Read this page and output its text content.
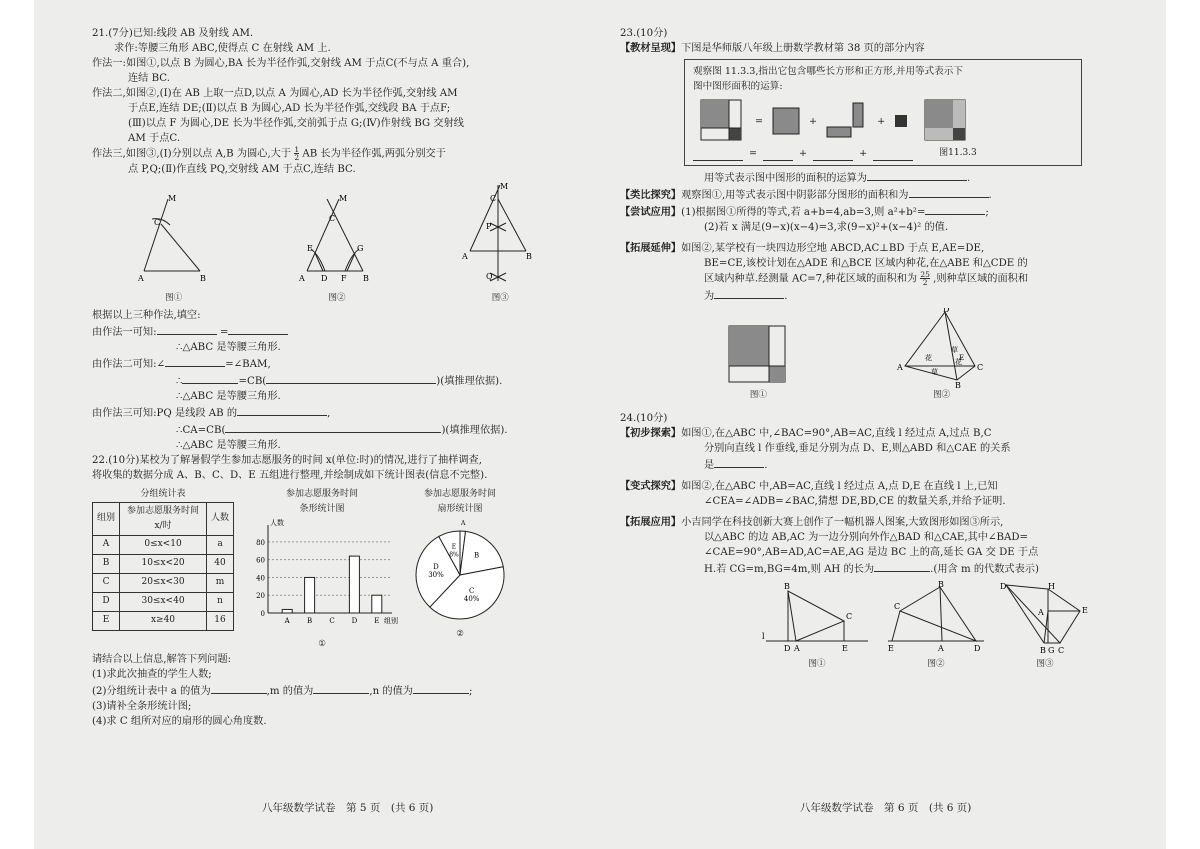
21.(7分)已知:线段 AB 及射线 AM.
求作:等腰三角形 ABC,使得点 C 在射线 AM 上.
作法一:如图①,以点 B 为圆心,BA 长为半径作弧,交射线 AM 于点C(不与点 A 重合),
连结 BC.
作法二,如图②,(Ⅰ)在 AB 上取一点D,以点 A 为圆心,AD 长为半径作弧,交射线 AM
于点E,连结 DE;(Ⅱ)以点 B 为圆心,AD 长为半径作弧,交线段 BA 于点F;
(Ⅲ)以点 F 为圆心,DE 长为半径作弧,交前弧于点 G;(Ⅳ)作射线 BG 交射线
AM 于点C.
作法三,如图③,(Ⅰ)分别以点 A,B 为圆心,大于 $\frac{1}{2}$ AB 长为半径作弧,两弧分别交于
点 P,Q;(Ⅱ)作直线 PQ,交射线 AM 于点C,连结 BC.
A	B
C
M
图①
A D F B
E	G
C
M
图②
A	B
C
M
P
Q
图③
根据以上三种作法,填空:
由作法一可知:	=
∴△ABC 是等腰三角形.
由作法二可知:∠	=∠BAM,
∴	=CB(	)(填推理依据).
∴△ABC 是等腰三角形.
由作法三可知:PQ 是线段 AB 的	,
∴CA=CB(	)(填推理依据).
∴△ABC 是等腰三角形.
22.(10分)某校为了解暑假学生参加志愿服务的时间 x(单位:时)的情况,进行了抽样调查,
将收集的数据分成 A、B、C、D、E 五组进行整理,并绘制成如下统计图表(信息不完整).
分组统计表
组别	参加志愿服务时间 x/时	人数
A	0≤x<10	a
B	10≤x<20	40
C	20≤x<30	m
D	30≤x<40	n
E	x≥40	16
参加志愿服务时间
条形统计图
0
20
40
60
80
人数
组别
A B C D E
①
参加志愿服务时间
扇形统计图
A
B
C
40%
D
30%
E
8%
②
请结合以上信息,解答下列问题:
(1)求此次抽查的学生人数;
(2)分组统计表中 a 的值为	,m 的值为	,n 的值为	;
(3)请补全条形统计图;
(4)求 C 组所对应的扇形的圆心角度数.
八年级数学试卷　第 5 页　(共 6 页)
23.(10分)
【教材呈现】下图是华师版八年级上册数学教材第 38 页的部分内容
观察图 11.3.3,指出它包含哪些长方形和正方形,并用等式表示下
图中图形面积的运算:
=	+	+
=	+	+	图11.3.3
用等式表示图中图形的面积的运算为	.
【类比探究】观察图①,用等式表示图中阴影部分图形的面积和为	.
【尝试应用】(1)根据图①所得的等式,若 a+b=4,ab=3,则 a²+b²=	;
(2)若 x 满足(9−x)(x−4)=3,求(9−x)²+(x−4)² 的值.
【拓展延伸】如图②,某学校有一块四边形空地 ABCD,AC⊥BD 于点 E,AE=DE,
BE=CE,该校计划在△ADE 和△BCE 区域内种花,在△ABE 和△CDE 的
区域内种草.经测量 AC=7,种花区域的面积和为 $\frac{25}{2}$ ,则种草区域的面积和
为	.
图①
花
草
花
草
A
D
C
B
E
图②
24.(10分)
【初步探索】如图①,在△ABC 中,∠BAC=90°,AB=AC,直线 l 经过点 A,过点 B,C
分别向直线 l 作垂线,垂足分别为点 D、E,则△ABD 和△CAE 的关系
是	.
【变式探究】如图②,在△ABC 中,AB=AC,直线 l 经过点 A,点 D,E 在直线 l 上,已知
∠CEA=∠ADB=∠BAC,猜想 DE,BD,CE 的数量关系,并给予证明.
【拓展应用】小吉同学在科技创新大赛上创作了一幅机器人图案,大致图形如图③所示,
以△ABC 的边 AB,AC 为一边分别向外作△BAD 和△CAE,其中∠BAD=
∠CAE=90°,AB=AD,AC=AE,AG 是边 BC 上的高,延长 GA 交 DE 于点
H.若 CG=m,BG=4m,则 AH 的长为	.(用含 m 的代数式表示)
l
B
C
D A	E
图①
C
B
E	A	D
图②
D	H
E
A
B G C
图③
八年级数学试卷　第 6 页　(共 6 页)
